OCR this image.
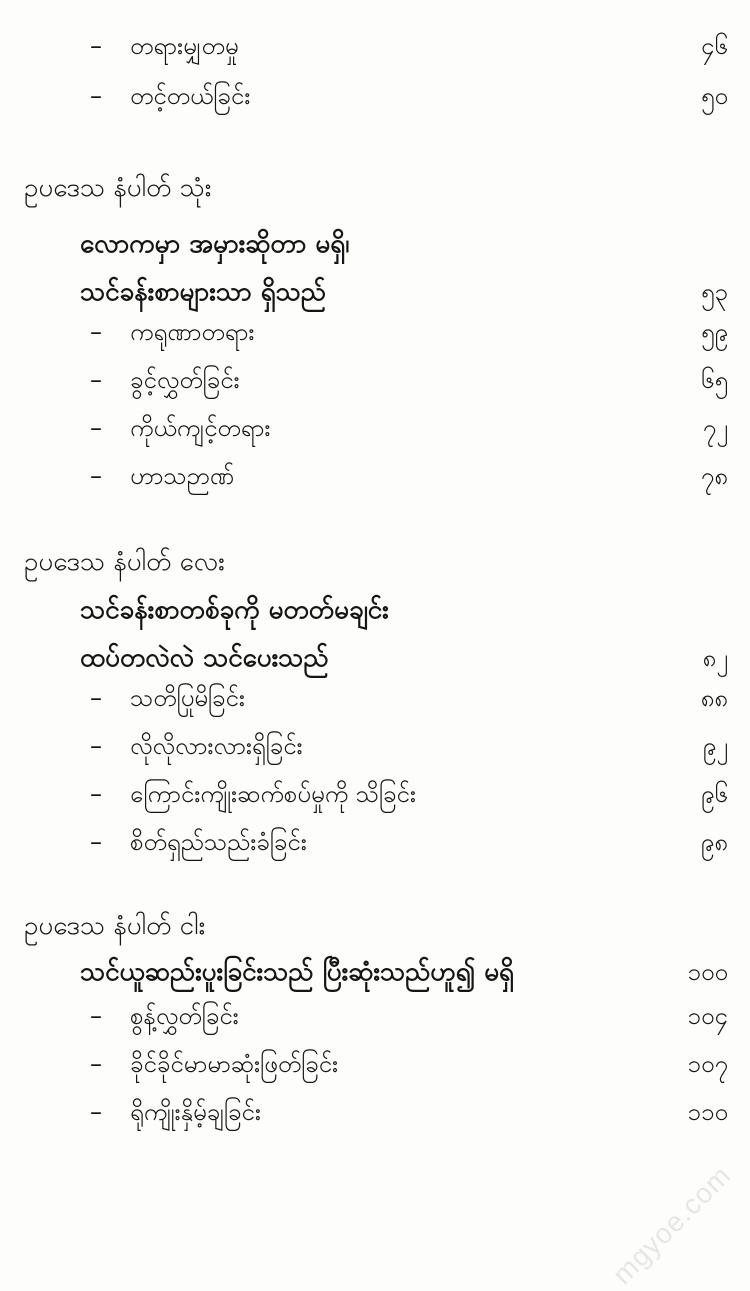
– တရားမျှတမှု	၄၆
– တင့်တယ်ခြင်း	၅၀
ဥပဒေသ နံပါတ် သုံး
လောကမှာ အမှားဆိုတာ မရှိ၊
သင်ခန်းစာများသာ ရှိသည်	၅၃
– ကရုဏာတရား	၅၉
– ခွင့်လွှတ်ခြင်း	၆၅
– ကိုယ်ကျင့်တရား	၇၂
– ဟာသဉာဏ်	၇၈
ဥပဒေသ နံပါတ် လေး
သင်ခန်းစာတစ်ခုကို မတတ်မချင်း
ထပ်တလဲလဲ သင်ပေးသည်	၈၂
– သတိပြုမိခြင်း	၈၈
– လိုလိုလားလားရှိခြင်း	၉၂
– ကြောင်းကျိုးဆက်စပ်မှုကို သိခြင်း	၉၆
– စိတ်ရှည်သည်းခံခြင်း	၉၈
ဥပဒေသ နံပါတ် ငါး
သင်ယူဆည်းပူးခြင်းသည် ပြီးဆုံးသည်ဟူ၍ မရှိ	၁၀၀
– စွန့်လွှတ်ခြင်း	၁၀၄
– ခိုင်ခိုင်မာမာဆုံးဖြတ်ခြင်း	၁၀၇
– ရိုကျိုးနှိမ့်ချခြင်း	၁၁၀
mgyoe.com
